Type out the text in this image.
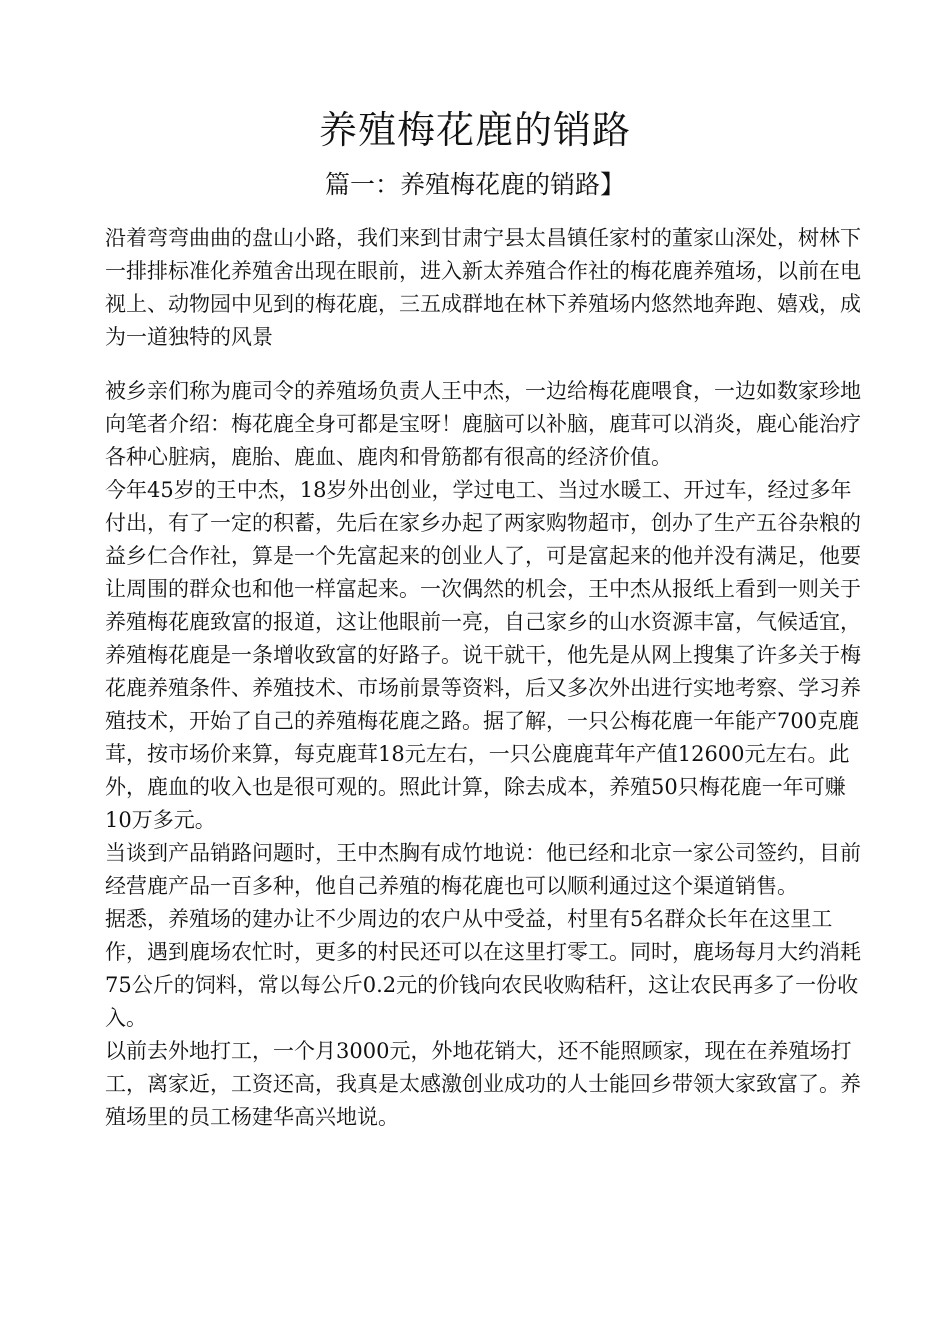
养殖梅花鹿的销路
篇一：养殖梅花鹿的销路】

沿着弯弯曲曲的盘山小路，我们来到甘肃宁县太昌镇任家村的董家山深处，树林下一排排标准化养殖舍出现在眼前，进入新太养殖合作社的梅花鹿养殖场，以前在电视上、动物园中见到的梅花鹿，三五成群地在林下养殖场内悠然地奔跑、嬉戏，成为一道独特的风景

被乡亲们称为鹿司令的养殖场负责人王中杰，一边给梅花鹿喂食，一边如数家珍地向笔者介绍：梅花鹿全身可都是宝呀！鹿脑可以补脑，鹿茸可以消炎，鹿心能治疗各种心脏病，鹿胎、鹿血、鹿肉和骨筋都有很高的经济价值。

今年45岁的王中杰，18岁外出创业，学过电工、当过水暖工、开过车，经过多年付出，有了一定的积蓄，先后在家乡办起了两家购物超市，创办了生产五谷杂粮的益乡仁合作社，算是一个先富起来的创业人了，可是富起来的他并没有满足，他要让周围的群众也和他一样富起来。一次偶然的机会，王中杰从报纸上看到一则关于养殖梅花鹿致富的报道，这让他眼前一亮，自己家乡的山水资源丰富，气候适宜，养殖梅花鹿是一条增收致富的好路子。说干就干，他先是从网上搜集了许多关于梅花鹿养殖条件、养殖技术、市场前景等资料，后又多次外出进行实地考察、学习养殖技术，开始了自己的养殖梅花鹿之路。据了解，一只公梅花鹿一年能产700克鹿茸，按市场价来算，每克鹿茸18元左右，一只公鹿鹿茸年产值12600元左右。此外，鹿血的收入也是很可观的。照此计算，除去成本，养殖50只梅花鹿一年可赚10万多元。

当谈到产品销路问题时，王中杰胸有成竹地说：他已经和北京一家公司签约，目前经营鹿产品一百多种，他自己养殖的梅花鹿也可以顺利通过这个渠道销售。

据悉，养殖场的建办让不少周边的农户从中受益，村里有5名群众长年在这里工作，遇到鹿场农忙时，更多的村民还可以在这里打零工。同时，鹿场每月大约消耗75公斤的饲料，常以每公斤0.2元的价钱向农民收购秸秆，这让农民再多了一份收入。

以前去外地打工，一个月3000元，外地花销大，还不能照顾家，现在在养殖场打工，离家近，工资还高，我真是太感激创业成功的人士能回乡带领大家致富了。养殖场里的员工杨建华高兴地说。
